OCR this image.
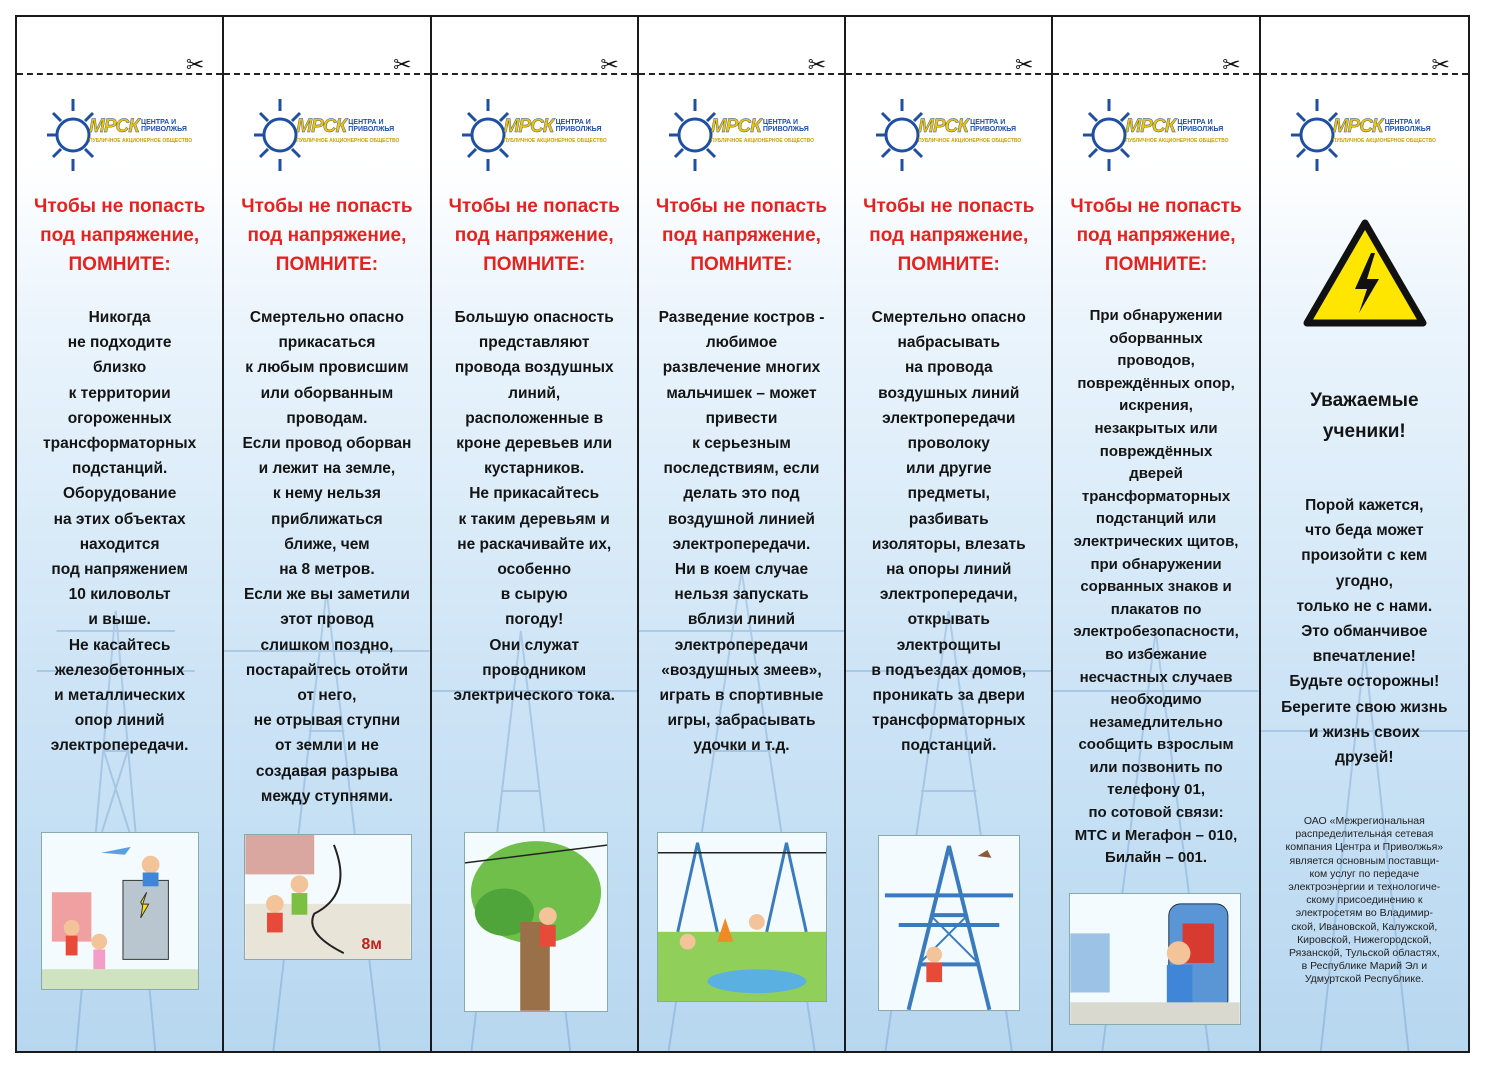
✂
МРСК ЦЕНТРА И
ПРИВОЛЖЬЯ
ПУБЛИЧНОЕ АКЦИОНЕРНОЕ ОБЩЕСТВО
Чтобы не попасть
под напряжение,
ПОМНИТЕ:
Никогда
не подходите
близко
к территории
огороженных
трансформаторных
подстанций.
Оборудование
на этих объектах
находится
под напряжением
10 киловольт
и выше.
Не касайтесь
железобетонных
и металлических
опор линий
электропередачи.
✂
МРСК ЦЕНТРА И
ПРИВОЛЖЬЯ
ПУБЛИЧНОЕ АКЦИОНЕРНОЕ ОБЩЕСТВО
Чтобы не попасть
под напряжение,
ПОМНИТЕ:
Смертельно опасно
прикасаться
к любым провисшим
или оборванным
проводам.
Если провод оборван
и лежит на земле,
к нему нельзя
приближаться
ближе, чем
на 8 метров.
Если же вы заметили
этот провод
слишком поздно,
постарайтесь отойти
от него,
не отрывая ступни
от земли и не
создавая разрыва
между ступнями.
8м
✂
МРСК ЦЕНТРА И
ПРИВОЛЖЬЯ
ПУБЛИЧНОЕ АКЦИОНЕРНОЕ ОБЩЕСТВО
Чтобы не попасть
под напряжение,
ПОМНИТЕ:
Большую опасность
представляют
провода воздушных
линий,
расположенные в
кроне деревьев или
кустарников.
Не прикасайтесь
к таким деревьям и
не раскачивайте их,
особенно
в сырую
погоду!
Они служат
проводником
электрического тока.
✂
МРСК ЦЕНТРА И
ПРИВОЛЖЬЯ
ПУБЛИЧНОЕ АКЦИОНЕРНОЕ ОБЩЕСТВО
Чтобы не попасть
под напряжение,
ПОМНИТЕ:
Разведение костров -
любимое
развлечение многих
мальчишек – может
привести
к серьезным
последствиям, если
делать это под
воздушной линией
электропередачи.
Ни в коем случае
нельзя запускать
вблизи линий
электропередачи
«воздушных змеев»,
играть в спортивные
игры, забрасывать
удочки и т.д.
✂
МРСК ЦЕНТРА И
ПРИВОЛЖЬЯ
ПУБЛИЧНОЕ АКЦИОНЕРНОЕ ОБЩЕСТВО
Чтобы не попасть
под напряжение,
ПОМНИТЕ:
Смертельно опасно
набрасывать
на провода
воздушных линий
электропередачи
проволоку
или другие
предметы,
разбивать
изоляторы, влезать
на опоры линий
электропередачи,
открывать
электрощиты
в подъездах домов,
проникать за двери
трансформаторных
подстанций.
✂
МРСК ЦЕНТРА И
ПРИВОЛЖЬЯ
ПУБЛИЧНОЕ АКЦИОНЕРНОЕ ОБЩЕСТВО
Чтобы не попасть
под напряжение,
ПОМНИТЕ:
При обнаружении
оборванных
проводов,
повреждённых опор,
искрения,
незакрытых или
повреждённых
дверей
трансформаторных
подстанций или
электрических щитов,
при обнаружении
сорванных знаков и
плакатов по
электробезопасности,
во избежание
несчастных случаев
необходимо
незамедлительно
сообщить взрослым
или позвонить по
телефону 01,
по сотовой связи:
МТС и Мегафон – 010,
Билайн – 001.
✂
МРСК ЦЕНТРА И
ПРИВОЛЖЬЯ
ПУБЛИЧНОЕ АКЦИОНЕРНОЕ ОБЩЕСТВО
Уважаемые
ученики!
Порой кажется,
что беда может
произойти с кем
угодно,
только не с нами.
Это обманчивое
впечатление!
Будьте осторожны!
Берегите свою жизнь
и жизнь своих
друзей!
ОАО «Межрегиональная
распределительная сетевая
компания Центра и Приволжья»
является основным поставщи-
ком услуг по передаче
электроэнергии и технологиче-
скому присоединению к
электросетям во Владимир-
ской, Ивановской, Калужской,
Кировской, Нижегородской,
Рязанской, Тульской областях,
в Республике Марий Эл и
Удмуртской Республике.
